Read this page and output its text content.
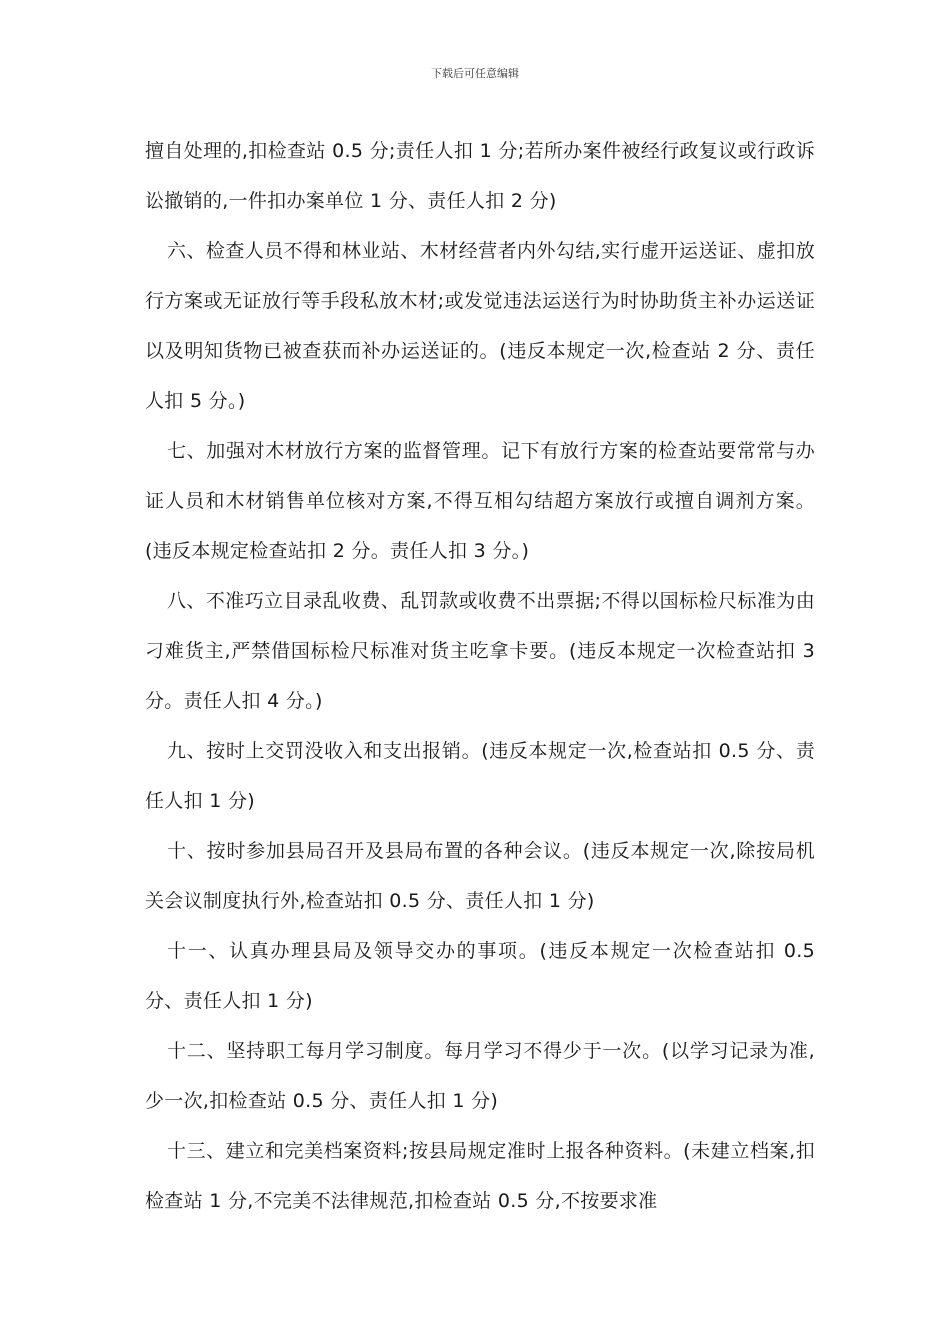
下载后可任意编辑

擅自处理的,扣检查站 0.5 分;责任人扣 1 分;若所办案件被经行政复议或行政诉讼撤销的,一件扣办案单位 1 分、责任人扣 2 分)

六、检查人员不得和林业站、木材经营者内外勾结,实行虚开运送证、虚扣放行方案或无证放行等手段私放木材;或发觉违法运送行为时协助货主补办运送证以及明知货物已被查获而补办运送证的。(违反本规定一次,检查站 2 分、责任人扣 5 分。)

七、加强对木材放行方案的监督管理。记下有放行方案的检查站要常常与办证人员和木材销售单位核对方案,不得互相勾结超方案放行或擅自调剂方案。(违反本规定检查站扣 2 分。责任人扣 3 分。)

八、不准巧立目录乱收费、乱罚款或收费不出票据;不得以国标检尺标准为由刁难货主,严禁借国标检尺标准对货主吃拿卡要。(违反本规定一次检查站扣 3 分。责任人扣 4 分。)

九、按时上交罚没收入和支出报销。(违反本规定一次,检查站扣 0.5 分、责任人扣 1 分)

十、按时参加县局召开及县局布置的各种会议。(违反本规定一次,除按局机关会议制度执行外,检查站扣 0.5 分、责任人扣 1 分)

十一、认真办理县局及领导交办的事项。(违反本规定一次检查站扣 0.5 分、责任人扣 1 分)

十二、坚持职工每月学习制度。每月学习不得少于一次。(以学习记录为准,少一次,扣检查站 0.5 分、责任人扣 1 分)

十三、建立和完美档案资料;按县局规定准时上报各种资料。(未建立档案,扣检查站 1 分,不完美不法律规范,扣检查站 0.5 分,不按要求准
